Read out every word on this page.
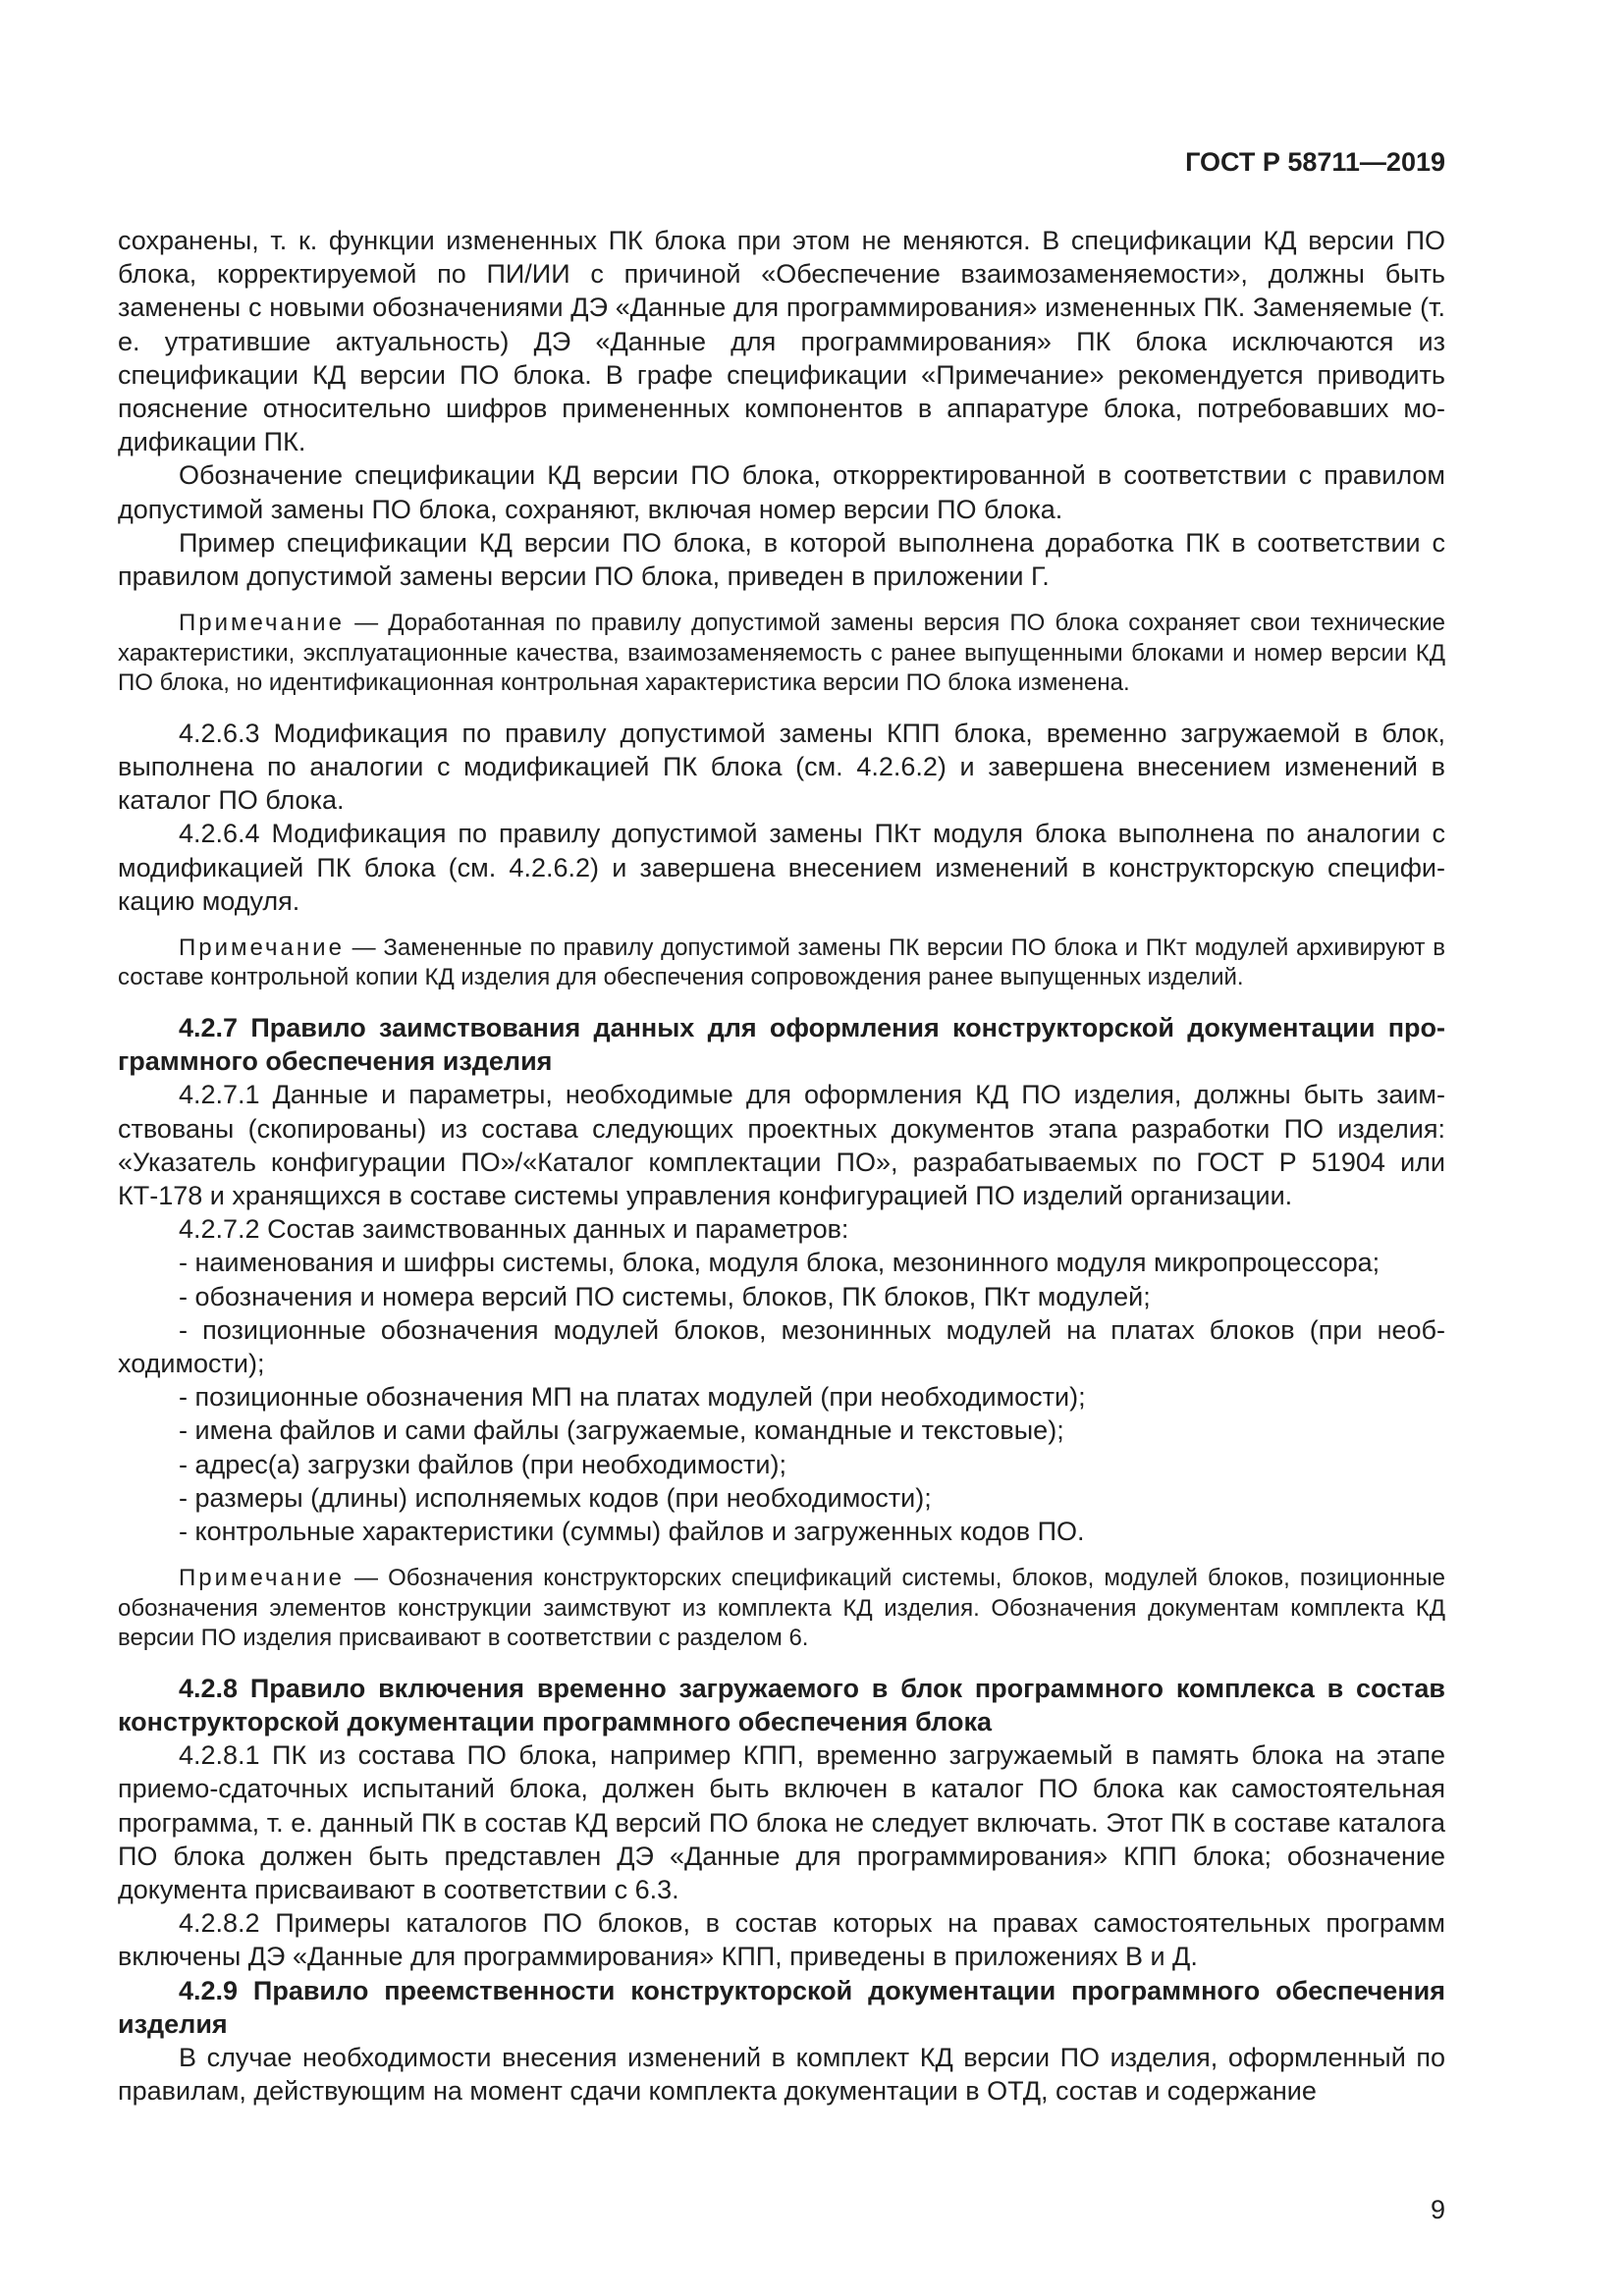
ГОСТ Р 58711—2019

сохранены, т. к. функции измененных ПК блока при этом не меняются. В спецификации КД версии ПО блока, корректируемой по ПИ/ИИ с причиной «Обеспечение взаимозаменяемости», должны быть заменены с новыми обозначениями ДЭ «Данные для программирования» измененных ПК. Заменяемые (т. е. утратившие актуальность) ДЭ «Данные для программирования» ПК блока исключаются из спецификации КД версии ПО блока. В графе спецификации «Примечание» рекомендуется приводить пояснение относительно шифров примененных компонентов в аппаратуре блока, потребовавших модификации ПК.

Обозначение спецификации КД версии ПО блока, откорректированной в соответствии с правилом допустимой замены ПО блока, сохраняют, включая номер версии ПО блока.

Пример спецификации КД версии ПО блока, в которой выполнена доработка ПК в соответствии с правилом допустимой замены версии ПО блока, приведен в приложении Г.

Примечание — Доработанная по правилу допустимой замены версия ПО блока сохраняет свои технические характеристики, эксплуатационные качества, взаимозаменяемость с ранее выпущенными блоками и номер версии КД ПО блока, но идентификационная контрольная характеристика версии ПО блока изменена.

4.2.6.3 Модификация по правилу допустимой замены КПП блока, временно загружаемой в блок, выполнена по аналогии с модификацией ПК блока (см. 4.2.6.2) и завершена внесением изменений в каталог ПО блока.

4.2.6.4 Модификация по правилу допустимой замены ПКт модуля блока выполнена по аналогии с модификацией ПК блока (см. 4.2.6.2) и завершена внесением изменений в конструкторскую спецификацию модуля.

Примечание — Замененные по правилу допустимой замены ПК версии ПО блока и ПКт модулей архивируют в составе контрольной копии КД изделия для обеспечения сопровождения ранее выпущенных изделий.

4.2.7 Правило заимствования данных для оформления конструкторской документации программного обеспечения изделия

4.2.7.1 Данные и параметры, необходимые для оформления КД ПО изделия, должны быть заимствованы (скопированы) из состава следующих проектных документов этапа разработки ПО изделия: «Указатель конфигурации ПО»/«Каталог комплектации ПО», разрабатываемых по ГОСТ Р 51904 или КТ-178 и хранящихся в составе системы управления конфигурацией ПО изделий организации.

4.2.7.2 Состав заимствованных данных и параметров:

- наименования и шифры системы, блока, модуля блока, мезонинного модуля микропроцессора;

- обозначения и номера версий ПО системы, блоков, ПК блоков, ПКт модулей;

- позиционные обозначения модулей блоков, мезонинных модулей на платах блоков (при необходимости);

- позиционные обозначения МП на платах модулей (при необходимости);

- имена файлов и сами файлы (загружаемые, командные и текстовые);

- адрес(а) загрузки файлов (при необходимости);

- размеры (длины) исполняемых кодов (при необходимости);

- контрольные характеристики (суммы) файлов и загруженных кодов ПО.

Примечание — Обозначения конструкторских спецификаций системы, блоков, модулей блоков, позиционные обозначения элементов конструкции заимствуют из комплекта КД изделия. Обозначения документам комплекта КД версии ПО изделия присваивают в соответствии с разделом 6.

4.2.8 Правило включения временно загружаемого в блок программного комплекса в состав конструкторской документации программного обеспечения блока

4.2.8.1 ПК из состава ПО блока, например КПП, временно загружаемый в память блока на этапе приемо-сдаточных испытаний блока, должен быть включен в каталог ПО блока как самостоятельная программа, т. е. данный ПК в состав КД версий ПО блока не следует включать. Этот ПК в составе каталога ПО блока должен быть представлен ДЭ «Данные для программирования» КПП блока; обозначение документа присваивают в соответствии с 6.3.

4.2.8.2 Примеры каталогов ПО блоков, в состав которых на правах самостоятельных программ включены ДЭ «Данные для программирования» КПП, приведены в приложениях В и Д.

4.2.9 Правило преемственности конструкторской документации программного обеспечения изделия

В случае необходимости внесения изменений в комплект КД версии ПО изделия, оформленный по правилам, действующим на момент сдачи комплекта документации в ОТД, состав и содержание

9
